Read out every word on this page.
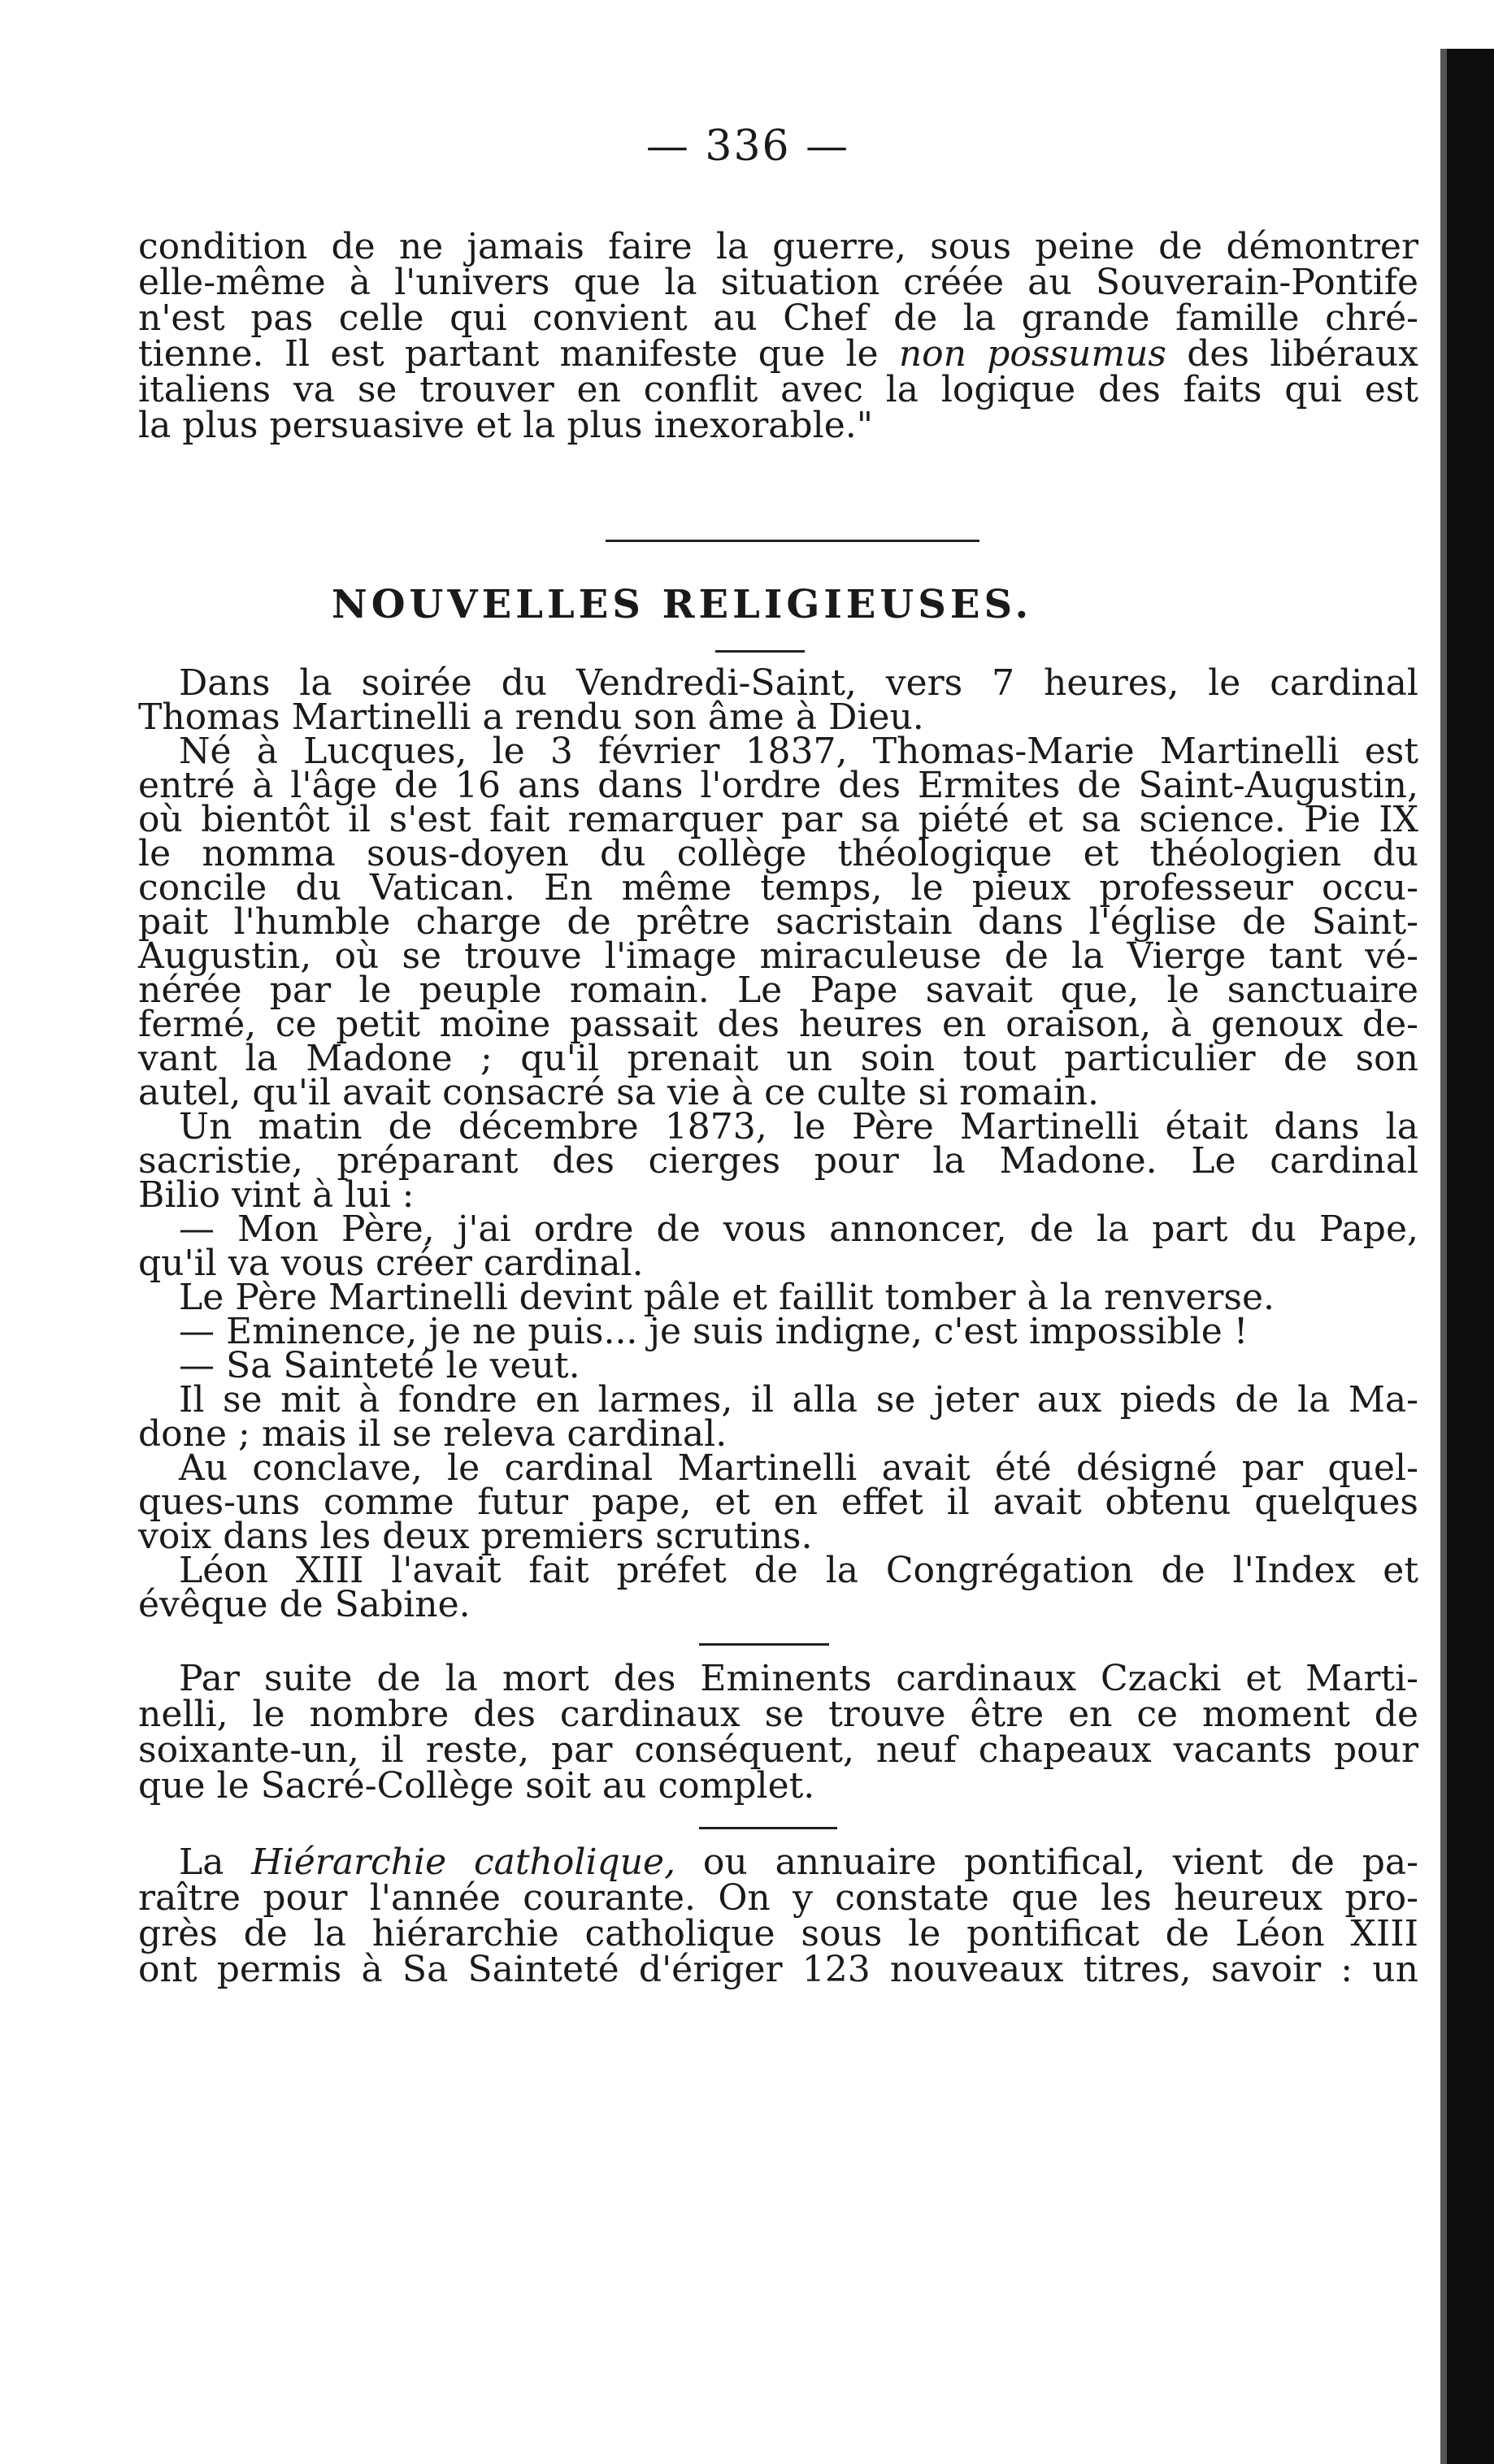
— 336 —
condition de ne jamais faire la guerre, sous peine de démontrer
elle-même à l'univers que la situation créée au Souverain-Pontife
n'est pas celle qui convient au Chef de la grande famille chré-
tienne. Il est partant manifeste que le non possumus des libéraux
italiens va se trouver en conflit avec la logique des faits qui est
la plus persuasive et la plus inexorable."
NOUVELLES RELIGIEUSES.
Dans la soirée du Vendredi-Saint, vers 7 heures, le cardinal
Thomas Martinelli a rendu son âme à Dieu.
Né à Lucques, le 3 février 1837, Thomas-Marie Martinelli est
entré à l'âge de 16 ans dans l'ordre des Ermites de Saint-Augustin,
où bientôt il s'est fait remarquer par sa piété et sa science. Pie IX
le nomma sous-doyen du collège théologique et théologien du
concile du Vatican. En même temps, le pieux professeur occu-
pait l'humble charge de prêtre sacristain dans l'église de Saint-
Augustin, où se trouve l'image miraculeuse de la Vierge tant vé-
nérée par le peuple romain. Le Pape savait que, le sanctuaire
fermé, ce petit moine passait des heures en oraison, à genoux de-
vant la Madone ; qu'il prenait un soin tout particulier de son
autel, qu'il avait consacré sa vie à ce culte si romain.
Un matin de décembre 1873, le Père Martinelli était dans la
sacristie, préparant des cierges pour la Madone. Le cardinal
Bilio vint à lui :
— Mon Père, j'ai ordre de vous annoncer, de la part du Pape,
qu'il va vous créer cardinal.
Le Père Martinelli devint pâle et faillit tomber à la renverse.
— Eminence, je ne puis... je suis indigne, c'est impossible !
— Sa Sainteté le veut.
Il se mit à fondre en larmes, il alla se jeter aux pieds de la Ma-
done ; mais il se releva cardinal.
Au conclave, le cardinal Martinelli avait été désigné par quel-
ques-uns comme futur pape, et en effet il avait obtenu quelques
voix dans les deux premiers scrutins.
Léon XIII l'avait fait préfet de la Congrégation de l'Index et
évêque de Sabine.
Par suite de la mort des Eminents cardinaux Czacki et Marti-
nelli, le nombre des cardinaux se trouve être en ce moment de
soixante-un, il reste, par conséquent, neuf chapeaux vacants pour
que le Sacré-Collège soit au complet.
La Hiérarchie catholique, ou annuaire pontifical, vient de pa-
raître pour l'année courante. On y constate que les heureux pro-
grès de la hiérarchie catholique sous le pontificat de Léon XIII
ont permis à Sa Sainteté d'ériger 123 nouveaux titres, savoir : un
